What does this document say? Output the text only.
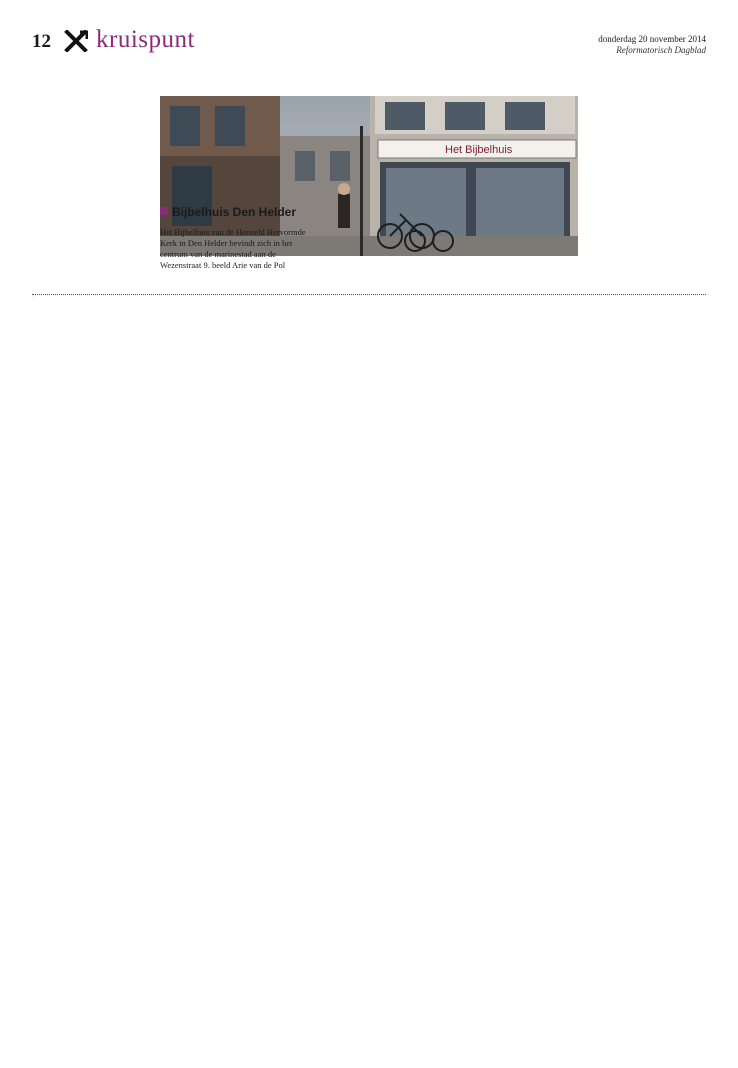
12 kruispunt	donderdag 20 november 2014
Reformatorisch Dagblad
Het Bijbelhuis
Bijbelhuis Den Helder
Het Bijbelhuis van de Hersteld Hervormde Kerk in Den Helder bevindt zich in het centrum van de marinestad aan de Wezenstraat 9. beeld Arie van de Pol
